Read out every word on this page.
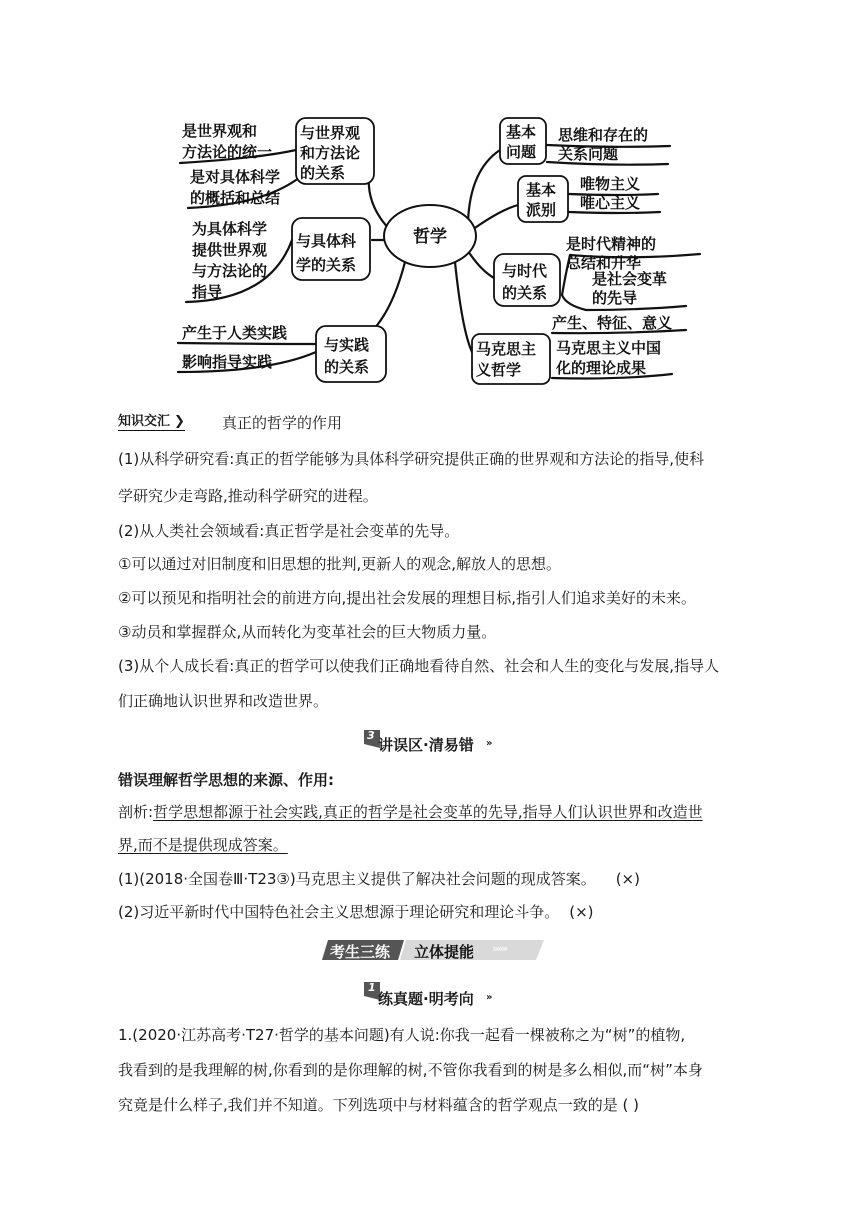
哲学
与世界观
和方法论
的关系
与具体科
学的关系
与实践
的关系
是世界观和
方法论的统一
是对具体科学
的概括和总结
为具体科学
提供世界观
与方法论的
指导
产生于人类实践
影响指导实践
基本
问题
基本
派别
与时代
的关系
马克思主
义哲学
思维和存在的
关系问题
唯物主义
唯心主义
是时代精神的
总结和升华
是社会变革
的先导
产生、特征、意义
马克思主义中国
化的理论成果
知识交汇 ❯ 真正的哲学的作用
(1)从科学研究看:真正的哲学能够为具体科学研究提供正确的世界观和方法论的指导,使科
学研究少走弯路,推动科学研究的进程。
(2)从人类社会领域看:真正哲学是社会变革的先导。
①可以通过对旧制度和旧思想的批判,更新人的观念,解放人的思想。
②可以预见和指明社会的前进方向,提出社会发展的理想目标,指引人们追求美好的未来。
③动员和掌握群众,从而转化为变革社会的巨大物质力量。
(3)从个人成长看:真正的哲学可以使我们正确地看待自然、社会和人生的变化与发展,指导人
们正确地认识世界和改造世界。
3
讲误区·清易错 »
错误理解哲学思想的来源、作用:
剖析:哲学思想都源于社会实践,真正的哲学是社会变革的先导,指导人们认识世界和改造世
界,而不是提供现成答案。
(1)(2018·全国卷Ⅲ·T23③)马克思主义提供了解决社会问题的现成答案。 (×)
(2)习近平新时代中国特色社会主义思想源于理论研究和理论斗争。 (×)
考生三练 立体提能 »»»
1
练真题·明考向 »
1.(2020·江苏高考·T27·哲学的基本问题)有人说:你我一起看一棵被称之为“树”的植物,
我看到的是我理解的树,你看到的是你理解的树,不管你我看到的树是多么相似,而“树”本身
究竟是什么样子,我们并不知道。下列选项中与材料蕴含的哲学观点一致的是 ( )
